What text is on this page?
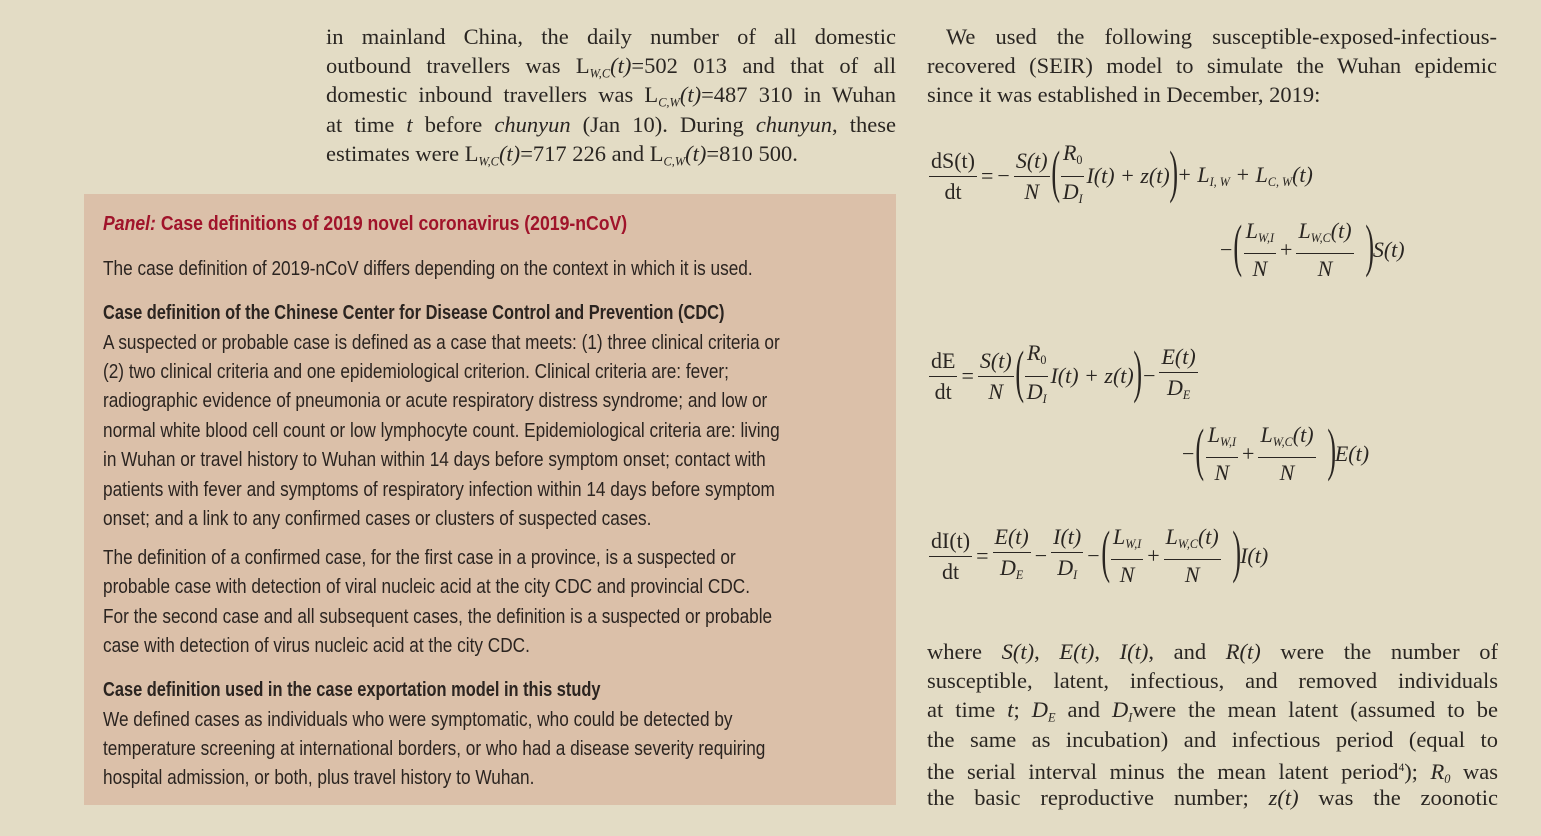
in mainland China, the daily number of all domestic
outbound travellers was $L_{W,C}(t)=502$ 013 and that of all
domestic inbound travellers was $L_{C,W}(t)=487$ 310 in Wuhan
at time t before chunyun (Jan 10). During chunyun, these
estimates were $L_{W,C}(t)=717$ 226 and $L_{C,W}(t)=810$ 500.
Panel: Case definitions of 2019 novel coronavirus (2019-nCoV)
The case definition of 2019-nCoV differs depending on the context in which it is used.
Case definition of the Chinese Center for Disease Control and Prevention (CDC)
A suspected or probable case is defined as a case that meets: (1) three clinical criteria or
(2) two clinical criteria and one epidemiological criterion. Clinical criteria are: fever;
radiographic evidence of pneumonia or acute respiratory distress syndrome; and low or
normal white blood cell count or low lymphocyte count. Epidemiological criteria are: living
in Wuhan or travel history to Wuhan within 14 days before symptom onset; contact with
patients with fever and symptoms of respiratory infection within 14 days before symptom
onset; and a link to any confirmed cases or clusters of suspected cases.
The definition of a confirmed case, for the first case in a province, is a suspected or
probable case with detection of viral nucleic acid at the city CDC and provincial CDC.
For the second case and all subsequent cases, the definition is a suspected or probable
case with detection of virus nucleic acid at the city CDC.
Case definition used in the case exportation model in this study
We defined cases as individuals who were symptomatic, who could be detected by
temperature screening at international borders, or who had a disease severity requiring
hospital admission, or both, plus travel history to Wuhan.
We used the following susceptible-exposed-infectious-
recovered (SEIR) model to simulate the Wuhan epidemic
since it was established in December, 2019:
$\frac{dS(t)}{dt}$ = − $\frac{S(t)}{N}$ ( $\frac{R0}{D_I} I(t) + z(t)$ ) + $L_{I, W} + L_{C, W}(t)$
− ( $\frac{L_{W,I}}{N} + \frac{L_{W,C}(t)}{N}$ ) S(t)
$\frac{dE}{dt} = \frac{S(t)}{N}$ ( $\frac{R0}{D_I} I(t) + z(t)$ ) − $\frac{E(t)}{D_E}$
− ( $\frac{L_{W,I}}{N} + \frac{L_{W,C}(t)}{N}$ ) E(t)
$\frac{dI(t)}{dt} = \frac{E(t)}{D_E} - \frac{I(t)}{D_I}$ − ( $\frac{L_{W,I}}{N} + \frac{L_{W,C}(t)}{N}$ ) I(t)
where S(t), E(t), I(t), and R(t) were the number of
susceptible, latent, infectious, and removed individuals
at time t; $D_E$ and $D_Iwere$ the mean latent (assumed to be
the same as incubation) and infectious period (equal to
the serial interval minus the mean latent period$^4$); $R_0$ was
the basic reproductive number; z(t) was the zoonotic
